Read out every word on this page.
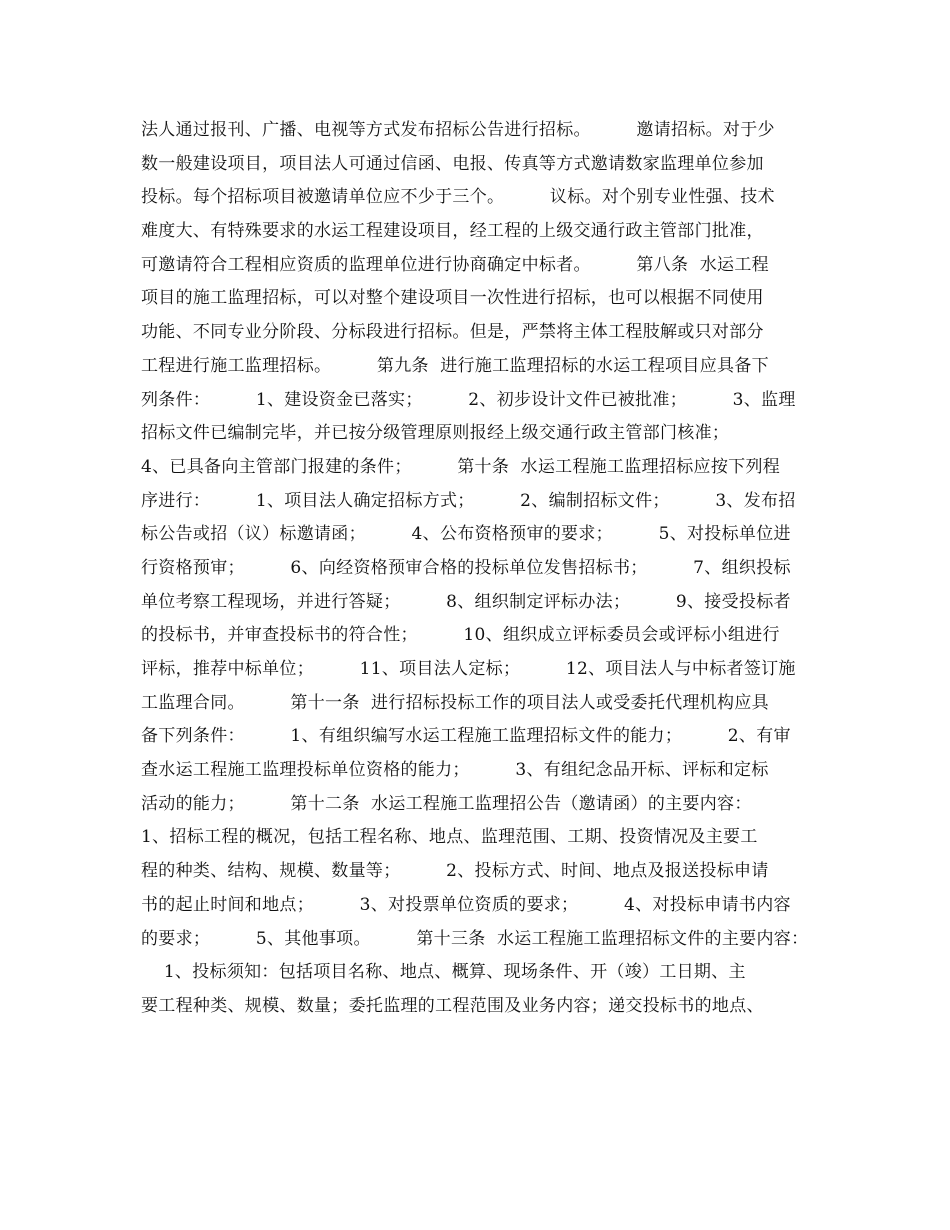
法人通过报刊、广播、电视等方式发布招标公告进行招标。        邀请招标。对于少
数一般建设项目，项目法人可通过信函、电报、传真等方式邀请数家监理单位参加
投标。每个招标项目被邀请单位应不少于三个。        议标。对个别专业性强、技术
难度大、有特殊要求的水运工程建设项目，经工程的上级交通行政主管部门批准，
可邀请符合工程相应资质的监理单位进行协商确定中标者。        第八条  水运工程
项目的施工监理招标，可以对整个建设项目一次性进行招标，也可以根据不同使用
功能、不同专业分阶段、分标段进行招标。但是，严禁将主体工程肢解或只对部分
工程进行施工监理招标。        第九条  进行施工监理招标的水运工程项目应具备下
列条件：        1、建设资金已落实；        2、初步设计文件已被批准；        3、监理
招标文件已编制完毕，并已按分级管理原则报经上级交通行政主管部门核准；
4、已具备向主管部门报建的条件；        第十条  水运工程施工监理招标应按下列程
序进行：        1、项目法人确定招标方式；        2、编制招标文件；        3、发布招
标公告或招（议）标邀请函；        4、公布资格预审的要求；        5、对投标单位进
行资格预审；        6、向经资格预审合格的投标单位发售招标书；        7、组织投标
单位考察工程现场，并进行答疑；        8、组织制定评标办法；        9、接受投标者
的投标书，并审查投标书的符合性；        10、组织成立评标委员会或评标小组进行
评标，推荐中标单位；        11、项目法人定标；        12、项目法人与中标者签订施
工监理合同。        第十一条  进行招标投标工作的项目法人或受委托代理机构应具
备下列条件：        1、有组织编写水运工程施工监理招标文件的能力；        2、有审
查水运工程施工监理投标单位资格的能力；        3、有组纪念品开标、评标和定标
活动的能力；        第十二条  水运工程施工监理招公告（邀请函）的主要内容：
1、招标工程的概况，包括工程名称、地点、监理范围、工期、投资情况及主要工
程的种类、结构、规模、数量等；        2、投标方式、时间、地点及报送投标申请
书的起止时间和地点；        3、对投票单位资质的要求；        4、对投标申请书内容
的要求；        5、其他事项。        第十三条  水运工程施工监理招标文件的主要内容：
1、投标须知：包括项目名称、地点、概算、现场条件、开（竣）工日期、主
要工程种类、规模、数量；委托监理的工程范围及业务内容；递交投标书的地点、
